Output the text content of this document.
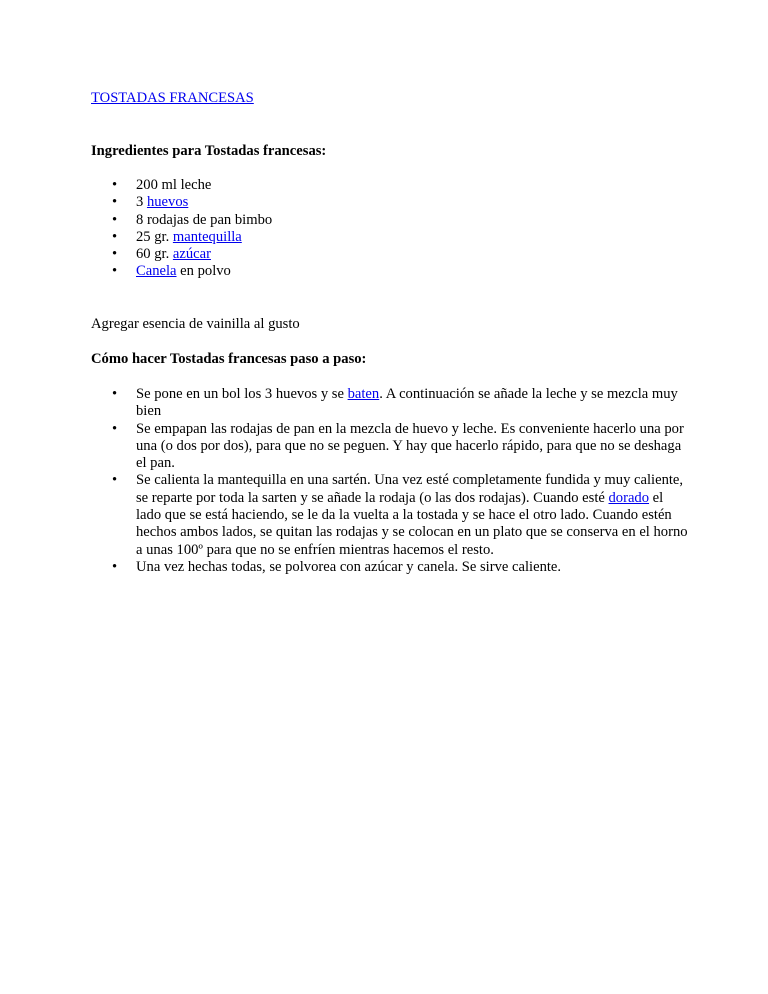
TOSTADAS FRANCESAS
Ingredientes para Tostadas francesas:
• 200 ml leche
• 3 huevos
• 8 rodajas de pan bimbo
• 25 gr. mantequilla
• 60 gr. azúcar
• Canela en polvo

Agregar esencia de vainilla al gusto

Cómo hacer Tostadas francesas paso a paso:
• Se pone en un bol los 3 huevos y se baten. A continuación se añade la leche y se mezcla muy bien
• Se empapan las rodajas de pan en la mezcla de huevo y leche. Es conveniente hacerlo una por una (o dos por dos), para que no se peguen. Y hay que hacerlo rápido, para que no se deshaga el pan.
• Se calienta la mantequilla en una sartén. Una vez esté completamente fundida y muy caliente, se reparte por toda la sarten y se añade la rodaja (o las dos rodajas). Cuando esté dorado el lado que se está haciendo, se le da la vuelta a la tostada y se hace el otro lado. Cuando estén hechos ambos lados, se quitan las rodajas y se colocan en un plato que se conserva en el horno a unas 100º para que no se enfríen mientras hacemos el resto.
• Una vez hechas todas, se polvorea con azúcar y canela. Se sirve caliente.
